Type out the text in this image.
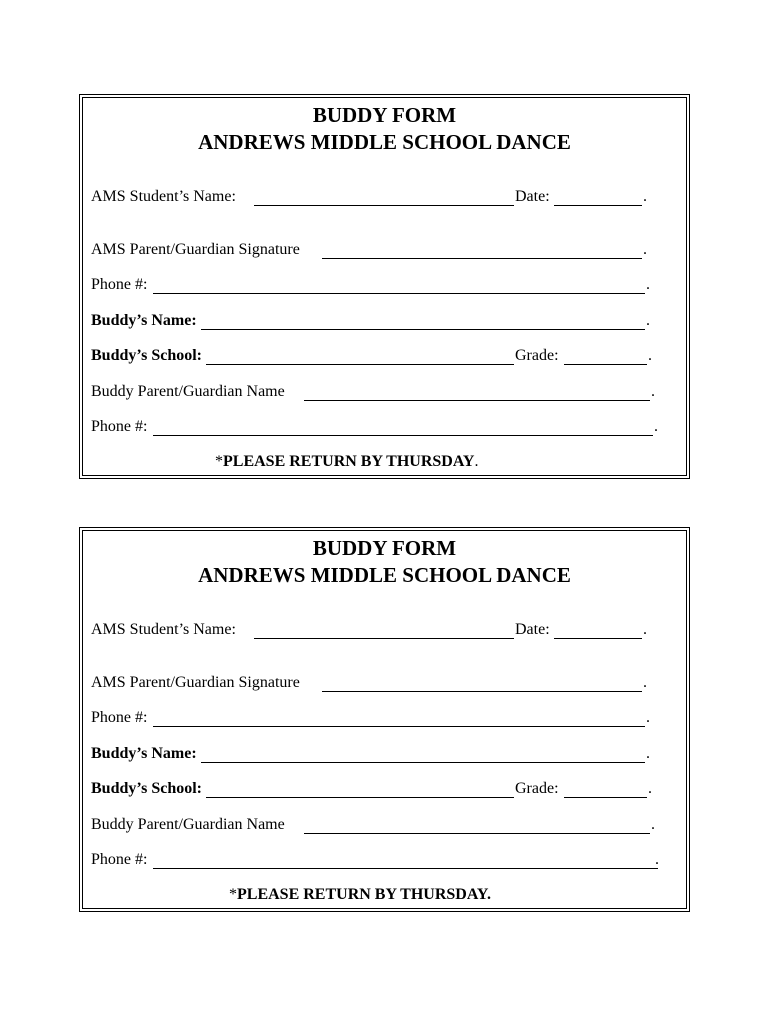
BUDDY FORM
ANDREWS MIDDLE SCHOOL DANCE
AMS Student’s Name:	Date:	.
AMS Parent/Guardian Signature	.
Phone #:	.
Buddy’s Name:	.
Buddy’s School:	Grade:	.
Buddy Parent/Guardian Name	.
Phone #:	.
*PLEASE RETURN BY THURSDAY.
BUDDY FORM
ANDREWS MIDDLE SCHOOL DANCE
AMS Student’s Name:	Date:	.
AMS Parent/Guardian Signature	.
Phone #:	.
Buddy’s Name:	.
Buddy’s School:	Grade:	.
Buddy Parent/Guardian Name	.
Phone #:	.
*PLEASE RETURN BY THURSDAY.
